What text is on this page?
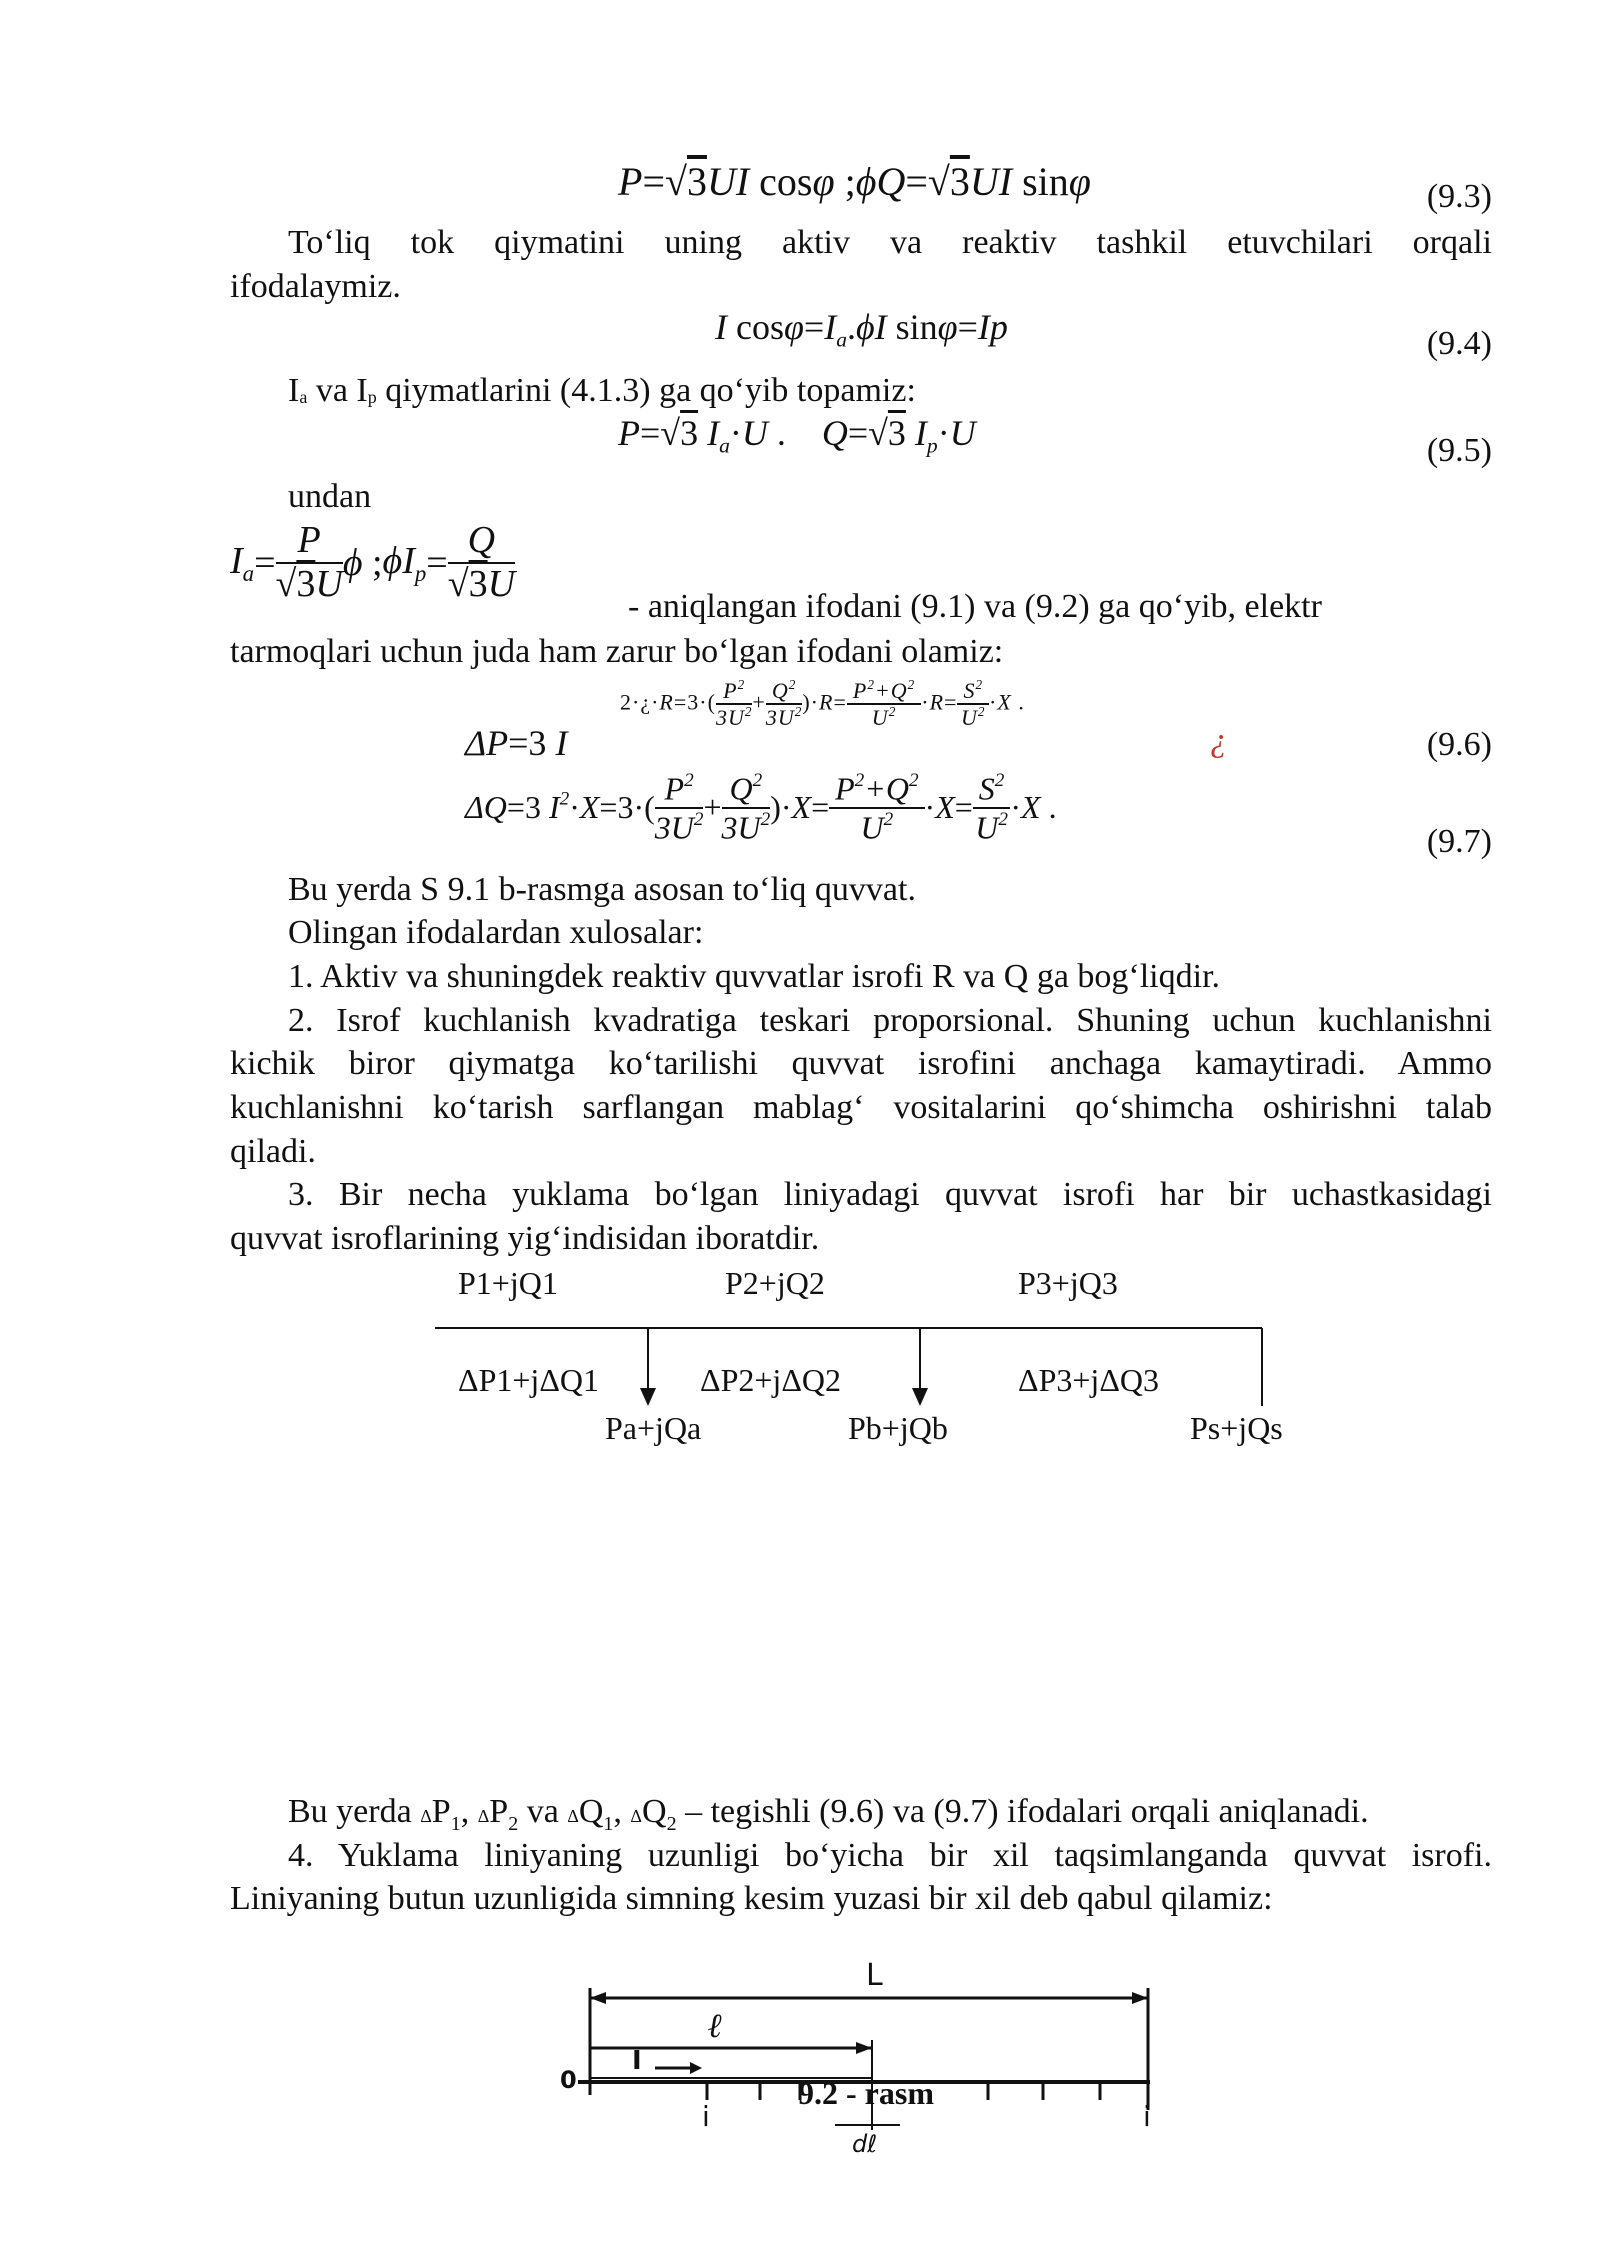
P=√3UI cosφ ;ϕQ=√3UI sinφ	(9.3)
To‘liq tok qiymatini uning aktiv va reaktiv tashkil etuvchilari orqali
ifodalaymiz.
I $\cos\varphi=I_a.\phi I$ sinφ=Ip	(9.4)
Ia va Ip qiymatlarini (4.1.3) ga qo‘yib topamiz:
P=√3 $I_a\cdot U$ .    Q=√3 $I_p\cdot U$	(9.5)
undan
$I_a= \frac{P}{√3U}$ ϕ $;\phi I_p= \frac{Q}{√3U}$
- aniqlangan ifodani (9.1) va (9.2) ga qo‘yib, elektr
tarmoqlari uchun juda ham zarur bo‘lgan ifodani olamiz:
2·¿·R=3·( $\frac{P^2}{3U^2} + \frac{Q^2}{3U^2} )\cdot R= \frac{P^2+Q^2}{U^2} \cdot R= \frac{S^2}{U^2} \cdot X$ .
ΔP=3 I	¿	(9.6)
ΔQ=3 $I^2\cdot X=3\cdot( \frac{P^2}{3U^2} + \frac{Q^2}{3U^2} )\cdot X= \frac{P^2+Q^2}{U^2} \cdot X= \frac{S^2}{U^2} \cdot X$ .
(9.7)
Bu yerda S 9.1 b-rasmga asosan to‘liq quvvat.
Olingan ifodalardan xulosalar:
1. Aktiv va shuningdek reaktiv quvvatlar isrofi R va Q ga bog‘liqdir.
2. Isrof kuchlanish kvadratiga teskari proporsional. Shuning uchun kuchlanishni
kichik biror qiymatga ko‘tarilishi quvvat isrofini anchaga kamaytiradi. Ammo
kuchlanishni ko‘tarish sarflangan mablag‘ vositalarini qo‘shimcha oshirishni talab
qiladi.
3. Bir necha yuklama bo‘lgan liniyadagi quvvat isrofi har bir uchastkasidagi
quvvat isroflarining yig‘indisidan iboratdir.
P1+jQ1	P2+jQ2	P3+jQ3
ΔP1+jΔQ1	ΔP2+jΔQ2	ΔP3+jΔQ3
Pa+jQa	Pb+jQb	Ps+jQs
Bu yerda $\Delta P_1$, $\Delta P_2$ va $\Delta Q_1$, $\Delta Q_2$ – tegishli (9.6) va (9.7) ifodalari orqali aniqlanadi.
4. Yuklama liniyaning uzunligi bo‘yicha bir xil taqsimlanganda quvvat isrofi.
Liniyaning butun uzunligida simning kesim yuzasi bir xil deb qabul qilamiz:
L
ℓ
I
0
i	i
dℓ
9.2 - rasm
